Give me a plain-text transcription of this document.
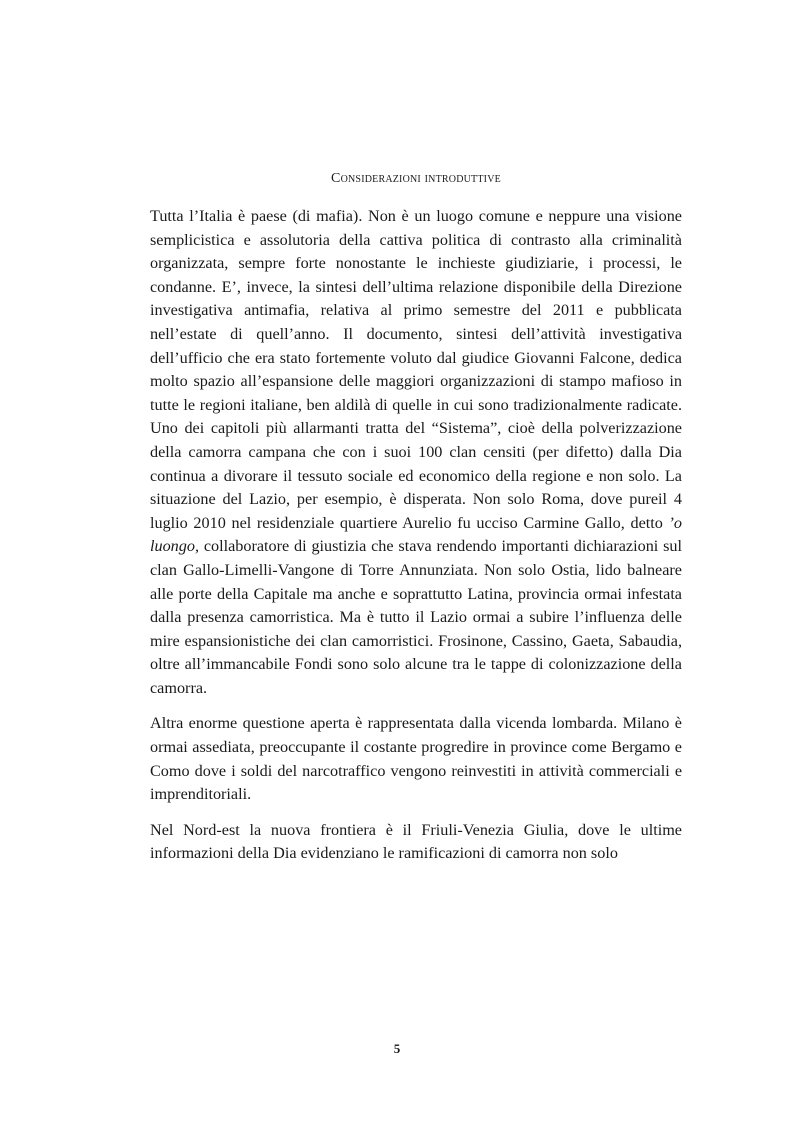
Considerazioni introduttive

Tutta l’Italia è paese (di mafia). Non è un luogo comune e neppure una visione semplicistica e assolutoria della cattiva politica di contrasto alla criminalità organizzata, sempre forte nonostante le inchieste giudiziarie, i processi, le condanne. E’, invece, la sintesi dell’ultima relazione disponibile della Direzione investigativa antimafia, relativa al primo semestre del 2011 e pubblicata nell’estate di quell’anno. Il documento, sintesi dell’attività investigativa dell’ufficio che era stato fortemente voluto dal giudice Giovanni Falcone, dedica molto spazio all’espansione delle maggiori organizzazioni di stampo mafioso in tutte le regioni italiane, ben aldilà di quelle in cui sono tradizionalmente radicate. Uno dei capitoli più allarmanti tratta del “Sistema”, cioè della polverizzazione della camorra campana che con i suoi 100 clan censiti (per difetto) dalla Dia continua a divorare il tessuto sociale ed economico della regione e non solo. La situazione del Lazio, per esempio, è disperata. Non solo Roma, dove pureil 4 luglio 2010 nel residenziale quartiere Aurelio fu ucciso Carmine Gallo, detto ’o luongo, collaboratore di giustizia che stava rendendo importanti dichiarazioni sul clan Gallo-Limelli-Vangone di Torre Annunziata. Non solo Ostia, lido balneare alle porte della Capitale ma anche e soprattutto Latina, provincia ormai infestata dalla presenza camorristica. Ma è tutto il Lazio ormai a subire l’influenza delle mire espansionistiche dei clan camorristici. Frosinone, Cassino, Gaeta, Sabaudia, oltre all’immancabile Fondi sono solo alcune tra le tappe di colonizzazione della camorra.

Altra enorme questione aperta è rappresentata dalla vicenda lombarda. Milano è ormai assediata, preoccupante il costante progredire in province come Bergamo e Como dove i soldi del narcotraffico vengono reinvestiti in attività commerciali e imprenditoriali.

Nel Nord-est la nuova frontiera è il Friuli-Venezia Giulia, dove le ultime informazioni della Dia evidenziano le ramificazioni di camorra non solo

5
